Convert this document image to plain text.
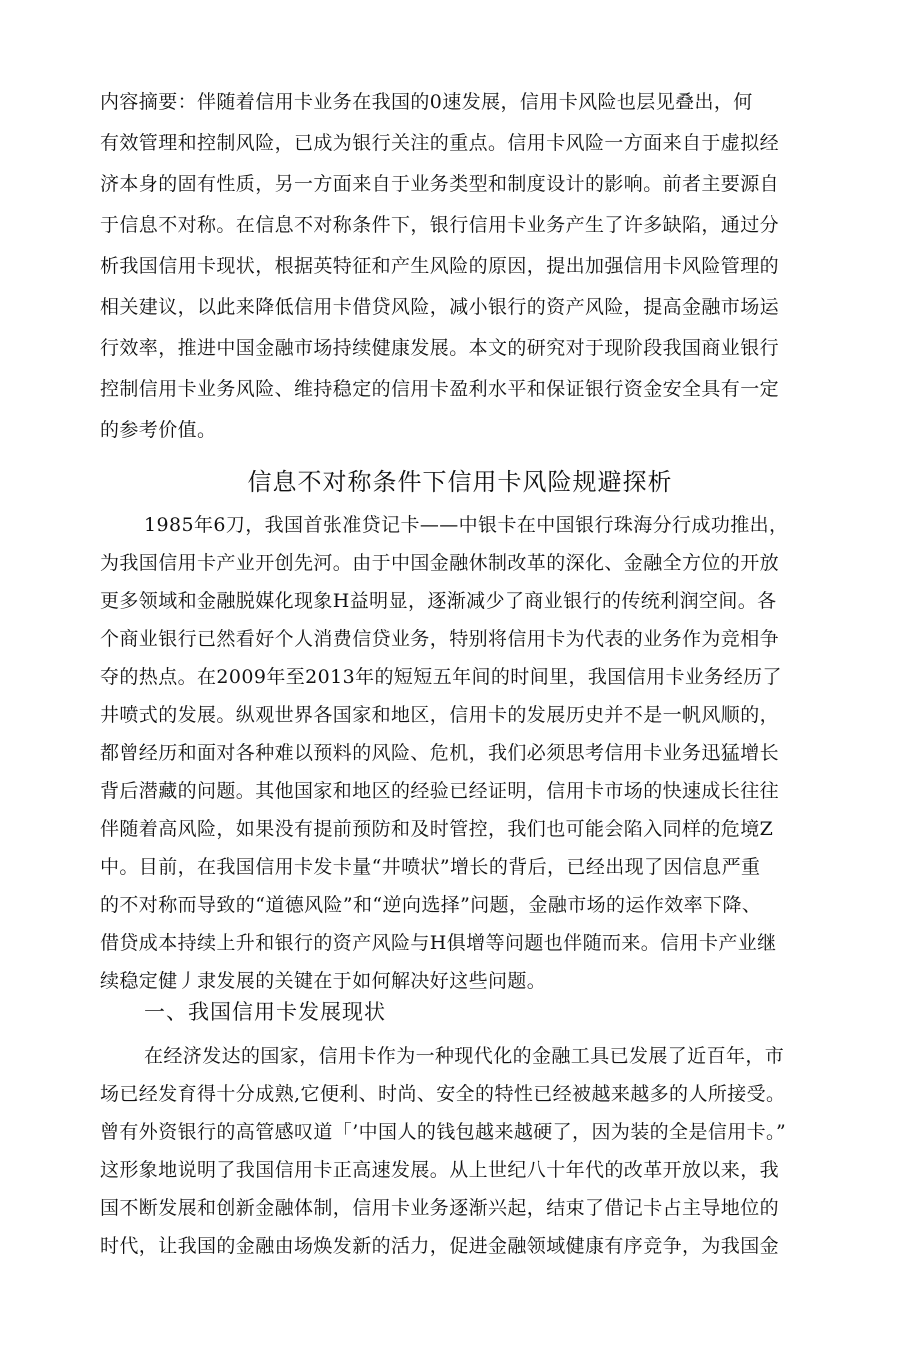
内容摘要：伴随着信用卡业务在我国的0速发展，信用卡风险也层见叠出，何
有效管理和控制风险，已成为银行关注的重点。信用卡风险一方面来自于虚拟经
济本身的固有性质，另一方面来自于业务类型和制度设计的影响。前者主要源自
于信息不对称。在信息不对称条件下，银行信用卡业务产生了许多缺陷，通过分
析我国信用卡现状，根据英特征和产生风险的原因，提出加强信用卡风险管理的
相关建议，以此来降低信用卡借贷风险，减小银行的资产风险，提高金融市场运
行效率，推进中国金融市场持续健康发展。本文的研究对于现阶段我国商业银行
控制信用卡业务风险、维持稳定的信用卡盈利水平和保证银行资金安全具有一定
的参考价值。
信息不对称条件下信用卡风险规避探析
1985年6刀，我国首张准贷记卡——中银卡在中国银行珠海分行成功推出，
为我国信用卡产业开创先河。由于中国金融休制改革的深化、金融全方位的开放
更多领域和金融脱媒化现象H益明显，逐渐减少了商业银行的传统利润空间。各
个商业银行已然看好个人消费信贷业务，特别将信用卡为代表的业务作为竞相争
夺的热点。在2009年至2013年的短短五年间的时间里，我国信用卡业务经历了
井喷式的发展。纵观世界各国家和地区，信用卡的发展历史并不是一帆风顺的，
都曾经历和面对各种难以预料的风险、危机，我们必须思考信用卡业务迅猛增长
背后潜藏的问题。其他国家和地区的经验已经证明，信用卡市场的快速成长往往
伴随着高风险，如果没有提前预防和及时管控，我们也可能会陷入同样的危境Z
中。目前，在我国信用卡发卡量“井喷状”增长的背后，已经出现了因信息严重
的不对称而导致的“道德风险”和“逆向选择”问题，金融市场的运作效率下降、
借贷成本持续上升和银行的资产风险与H俱增等问题也伴随而来。信用卡产业继
续稳定健丿隶发展的关键在于如何解决好这些问题。
一、我国信用卡发展现状
在经济发达的国家，信用卡作为一种现代化的金融工具已发展了近百年，市
场已经发育得十分成熟,它便利、时尚、安全的特性已经被越来越多的人所接受。
曾有外资银行的高管感叹道「’中国人的钱包越来越硬了，因为装的全是信用卡。”
这形象地说明了我国信用卡正高速发展。从上世纪八十年代的改革开放以来，我
国不断发展和创新金融体制，信用卡业务逐渐兴起，结束了借记卡占主导地位的
时代，让我国的金融由场焕发新的活力，促进金融领域健康有序竞争，为我国金
